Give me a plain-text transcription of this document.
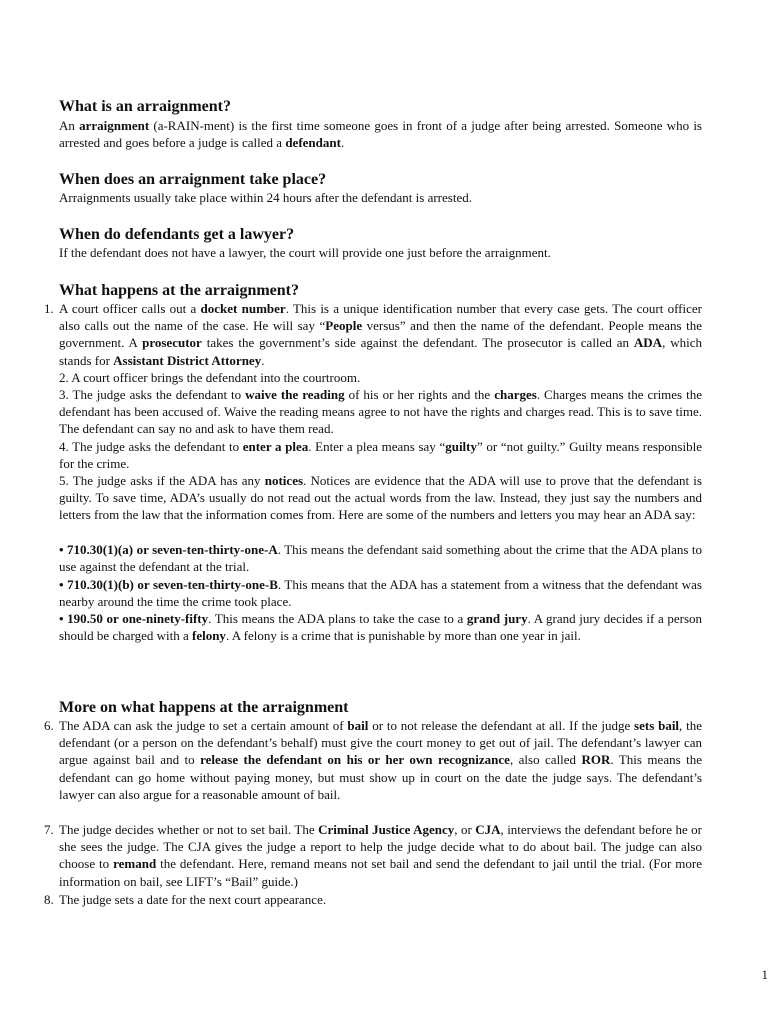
What is an arraignment?

An arraignment (a-RAIN-ment) is the first time someone goes in front of a judge after being arrested. Someone who is arrested and goes before a judge is called a defendant.

When does an arraignment take place?
Arraignments usually take place within 24 hours after the defendant is arrested.
When do defendants get a lawyer?
If the defendant does not have a lawyer, the court will provide one just before the arraignment.
What happens at the arraignment?
1. A court officer calls out a docket number. This is a unique identification number that every case gets. The court officer also calls out the name of the case. He will say “People versus” and then the name of the defendant. People means the government. A prosecutor takes the government’s side against the defendant. The prosecutor is called an ADA, which stands for Assistant District Attorney.

2. A court officer brings the defendant into the courtroom.

3. The judge asks the defendant to waive the reading of his or her rights and the charges. Charges means the crimes the defendant has been accused of. Waive the reading means agree to not have the rights and charges read. This is to save time. The defendant can say no and ask to have them read.

4. The judge asks the defendant to enter a plea. Enter a plea means say “guilty” or “not guilty.” Guilty means responsible for the crime.

5. The judge asks if the ADA has any notices. Notices are evidence that the ADA will use to prove that the defendant is guilty. To save time, ADA’s usually do not read out the actual words from the law. Instead, they just say the numbers and letters from the law that the information comes from. Here are some of the numbers and letters you may hear an ADA say:

• 710.30(1)(a) or seven-ten-thirty-one-A. This means the defendant said something about the crime that the ADA plans to use against the defendant at the trial.

• 710.30(1)(b) or seven-ten-thirty-one-B. This means that the ADA has a statement from a witness that the defendant was nearby around the time the crime took place.

• 190.50 or one-ninety-fifty. This means the ADA plans to take the case to a grand jury. A grand jury decides if a person should be charged with a felony. A felony is a crime that is punishable by more than one year in jail.

More on what happens at the arraignment
6. The ADA can ask the judge to set a certain amount of bail or to not release the defendant at all. If the judge sets bail, the defendant (or a person on the defendant’s behalf) must give the court money to get out of jail. The defendant’s lawyer can argue against bail and to release the defendant on his or her own recognizance, also called ROR. This means the defendant can go home without paying money, but must show up in court on the date the judge says. The defendant’s lawyer can also argue for a reasonable amount of bail.

7. The judge decides whether or not to set bail. The Criminal Justice Agency, or CJA, interviews the defendant before he or she sees the judge. The CJA gives the judge a report to help the judge decide what to do about bail. The judge can also choose to remand the defendant. Here, remand means not set bail and send the defendant to jail until the trial. (For more information on bail, see LIFT’s “Bail” guide.)

8. The judge sets a date for the next court appearance.
1
